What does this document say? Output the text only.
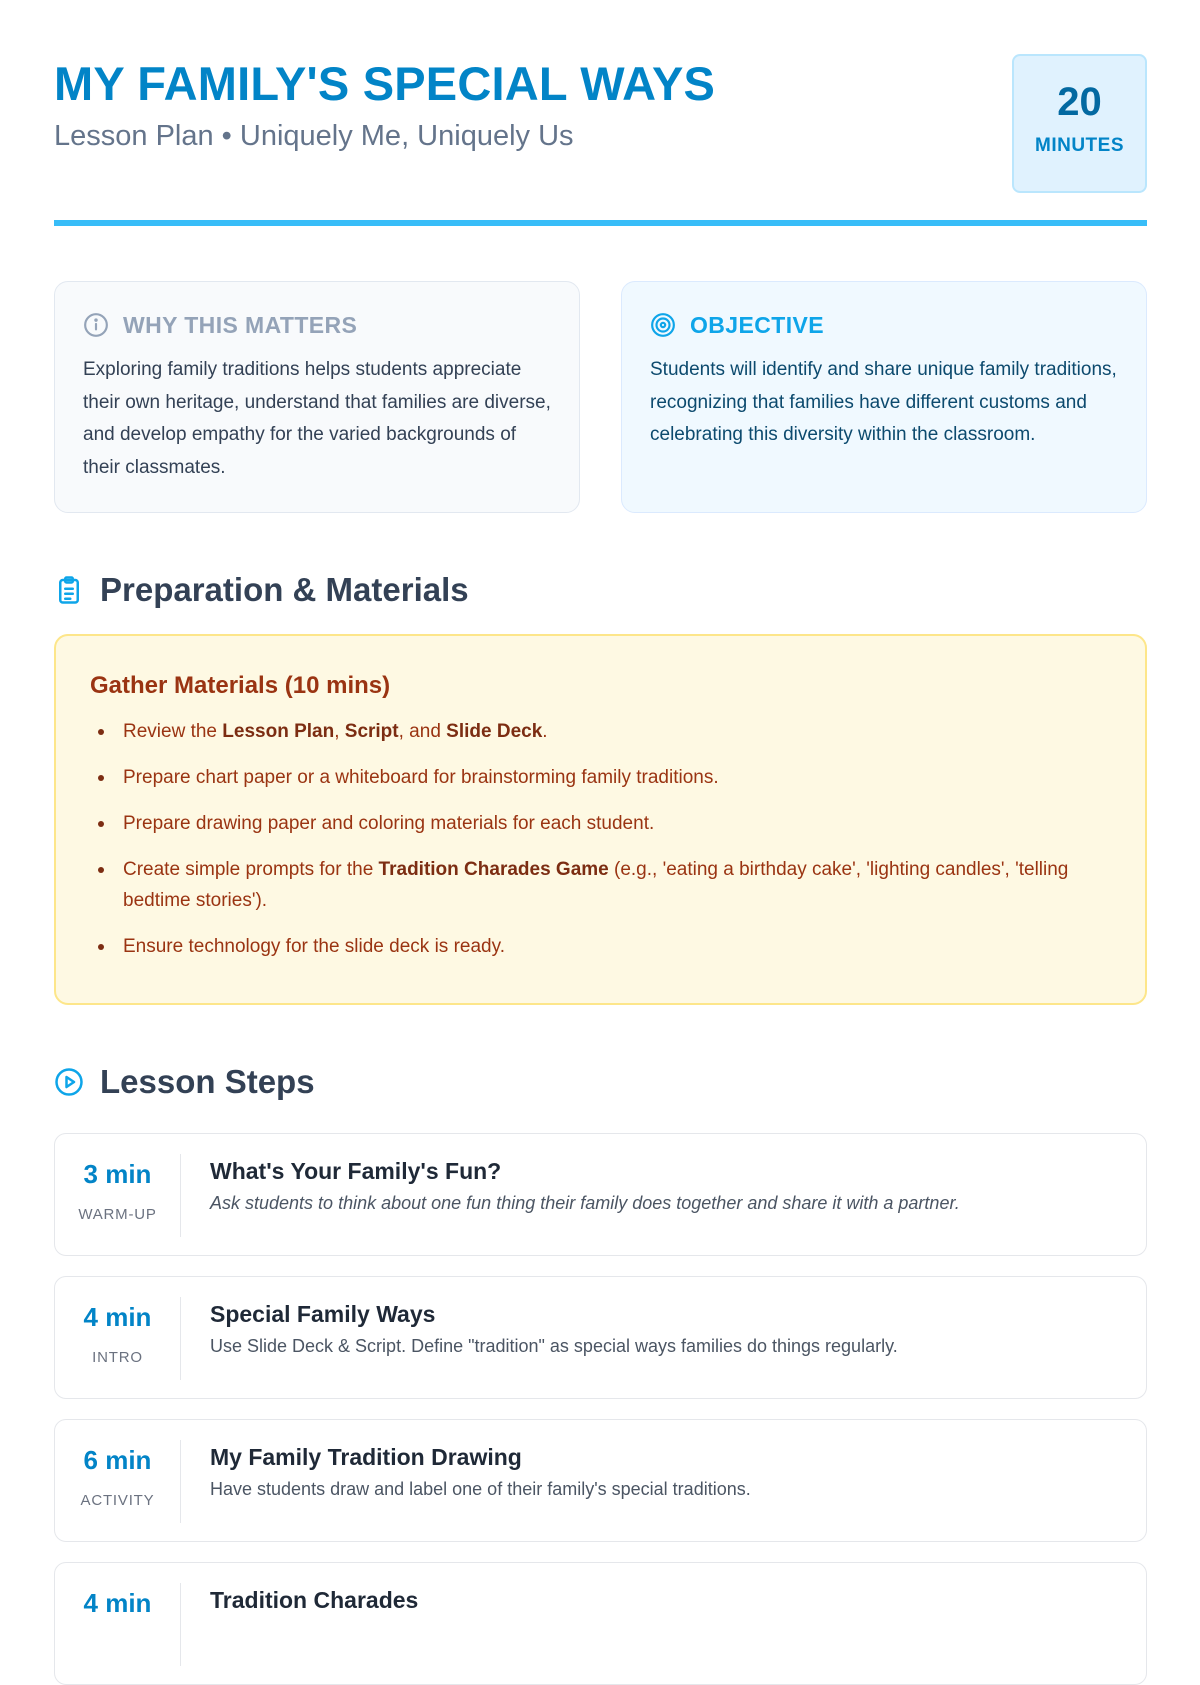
MY FAMILY'S SPECIAL WAYS
Lesson Plan • Uniquely Me, Uniquely Us
20
MINUTES
WHY THIS MATTERS

Exploring family traditions helps students appreciate their own heritage, understand that families are diverse, and develop empathy for the varied backgrounds of their classmates.

OBJECTIVE

Students will identify and share unique family traditions, recognizing that families have different customs and celebrating this diversity within the classroom.

Preparation & Materials
Gather Materials (10 mins)
Review the Lesson Plan, Script, and Slide Deck.
Prepare chart paper or a whiteboard for brainstorming family traditions.
Prepare drawing paper and coloring materials for each student.
Create simple prompts for the Tradition Charades Game (e.g., 'eating a birthday cake', 'lighting candles', 'telling bedtime stories').
Ensure technology for the slide deck is ready.
Lesson Steps
3 min
WARM-UP
What's Your Family's Fun?
Ask students to think about one fun thing their family does together and share it with a partner.
4 min
INTRO
Special Family Ways
Use Slide Deck & Script. Define "tradition" as special ways families do things regularly.
6 min
ACTIVITY
My Family Tradition Drawing
Have students draw and label one of their family's special traditions.
4 min	Tradition Charades
